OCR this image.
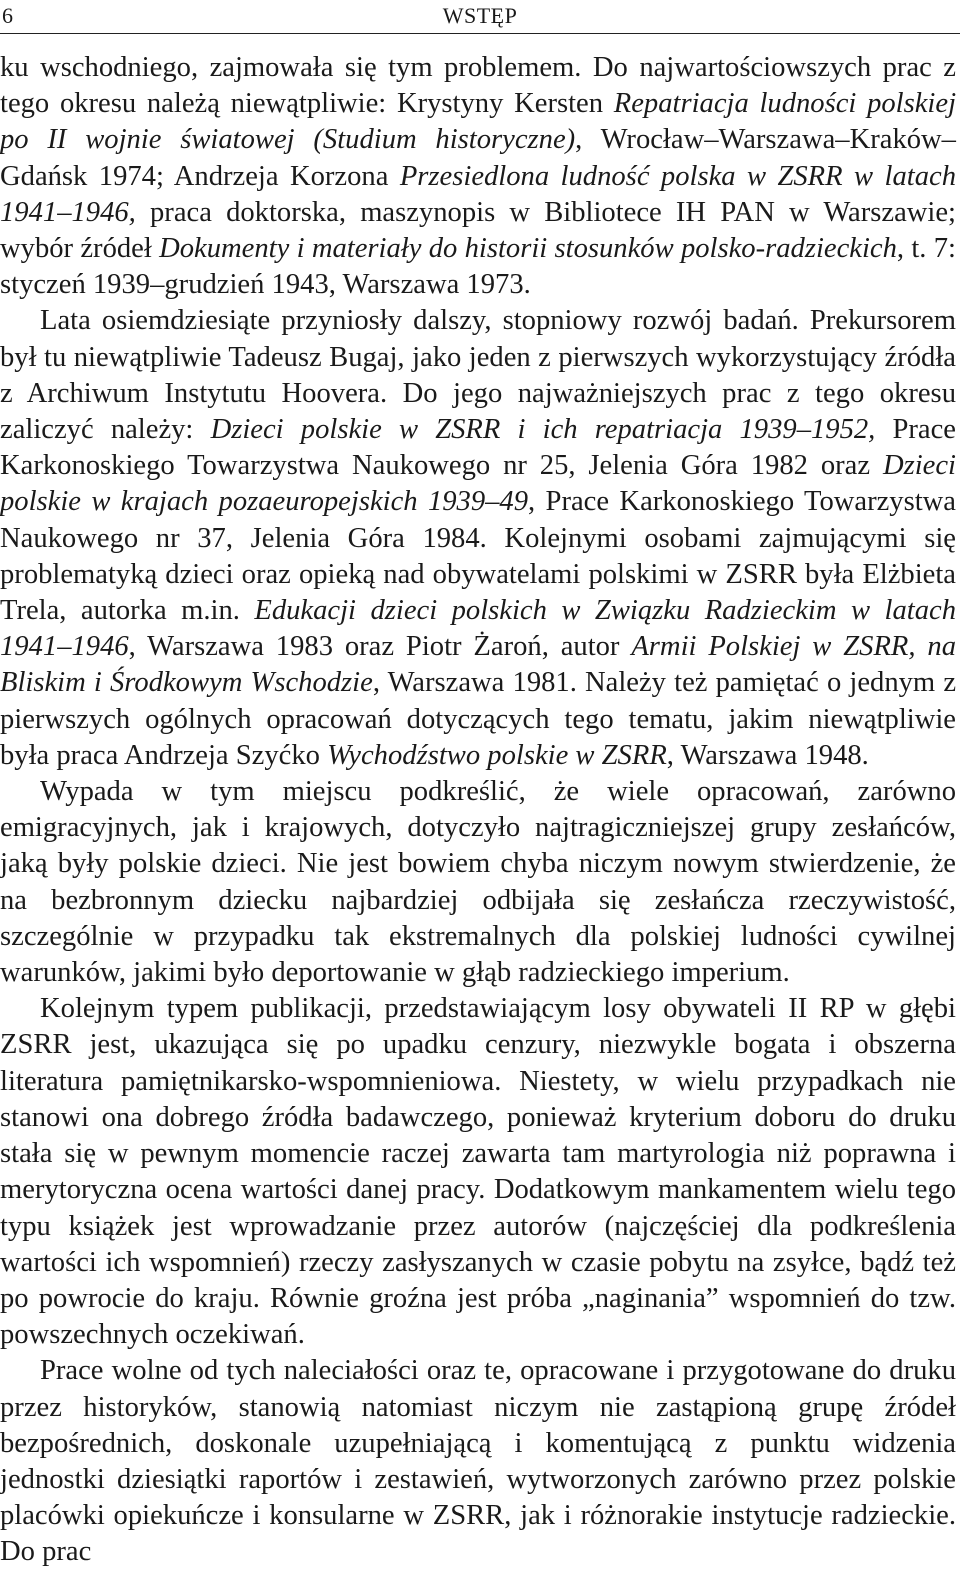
6	WSTĘP

ku wschodniego, zajmowała się tym problemem. Do najwartościowszych prac z tego okresu należą niewątpliwie: Krystyny Kersten Repatriacja ludności polskiej po II wojnie światowej (Studium historyczne), Wrocław–Warszawa–Kraków–Gdańsk 1974; Andrzeja Korzona Przesiedlona ludność polska w ZSRR w latach 1941–1946, praca doktorska, maszynopis w Bibliotece IH PAN w Warszawie; wybór źródeł Dokumenty i materiały do historii stosunków polsko-radzieckich, t. 7: styczeń 1939–grudzień 1943, Warszawa 1973.

Lata osiemdziesiąte przyniosły dalszy, stopniowy rozwój badań. Prekursorem był tu niewątpliwie Tadeusz Bugaj, jako jeden z pierwszych wykorzystujący źródła z Archiwum Instytutu Hoovera. Do jego najważniejszych prac z tego okresu zaliczyć należy: Dzieci polskie w ZSRR i ich repatriacja 1939–1952, Prace Karkonoskiego Towarzystwa Naukowego nr 25, Jelenia Góra 1982 oraz Dzieci polskie w krajach pozaeuropejskich 1939–49, Prace Karkonoskiego Towarzystwa Naukowego nr 37, Jelenia Góra 1984. Kolejnymi osobami zajmującymi się problematyką dzieci oraz opieką nad obywatelami polskimi w ZSRR była Elżbieta Trela, autorka m.in. Edukacji dzieci polskich w Związku Radzieckim w latach 1941–1946, Warszawa 1983 oraz Piotr Żaroń, autor Armii Polskiej w ZSRR, na Bliskim i Środkowym Wschodzie, Warszawa 1981. Należy też pamiętać o jednym z pierwszych ogólnych opracowań dotyczących tego tematu, jakim niewątpliwie była praca Andrzeja Szyćko Wychodźstwo polskie w ZSRR, Warszawa 1948.

Wypada w tym miejscu podkreślić, że wiele opracowań, zarówno emigracyjnych, jak i krajowych, dotyczyło najtragiczniejszej grupy zesłańców, jaką były polskie dzieci. Nie jest bowiem chyba niczym nowym stwierdzenie, że na bezbronnym dziecku najbardziej odbijała się zesłańcza rzeczywistość, szczególnie w przypadku tak ekstremalnych dla polskiej ludności cywilnej warunków, jakimi było deportowanie w głąb radzieckiego imperium.

Kolejnym typem publikacji, przedstawiającym losy obywateli II RP w głębi ZSRR jest, ukazująca się po upadku cenzury, niezwykle bogata i obszerna literatura pamiętnikarsko-wspomnieniowa. Niestety, w wielu przypadkach nie stanowi ona dobrego źródła badawczego, ponieważ kryterium doboru do druku stała się w pewnym momencie raczej zawarta tam martyrologia niż poprawna i merytoryczna ocena wartości danej pracy. Dodatkowym mankamentem wielu tego typu książek jest wprowadzanie przez autorów (najczęściej dla podkreślenia wartości ich wspomnień) rzeczy zasłyszanych w czasie pobytu na zsyłce, bądź też po powrocie do kraju. Równie groźna jest próba „naginania” wspomnień do tzw. powszechnych oczekiwań.

Prace wolne od tych naleciałości oraz te, opracowane i przygotowane do druku przez historyków, stanowią natomiast niczym nie zastąpioną grupę źródeł bezpośrednich, doskonale uzupełniającą i komentującą z punktu widzenia jednostki dziesiątki raportów i zestawień, wytworzonych zarówno przez polskie placówki opiekuńcze i konsularne w ZSRR, jak i różnorakie instytucje radzieckie. Do prac
